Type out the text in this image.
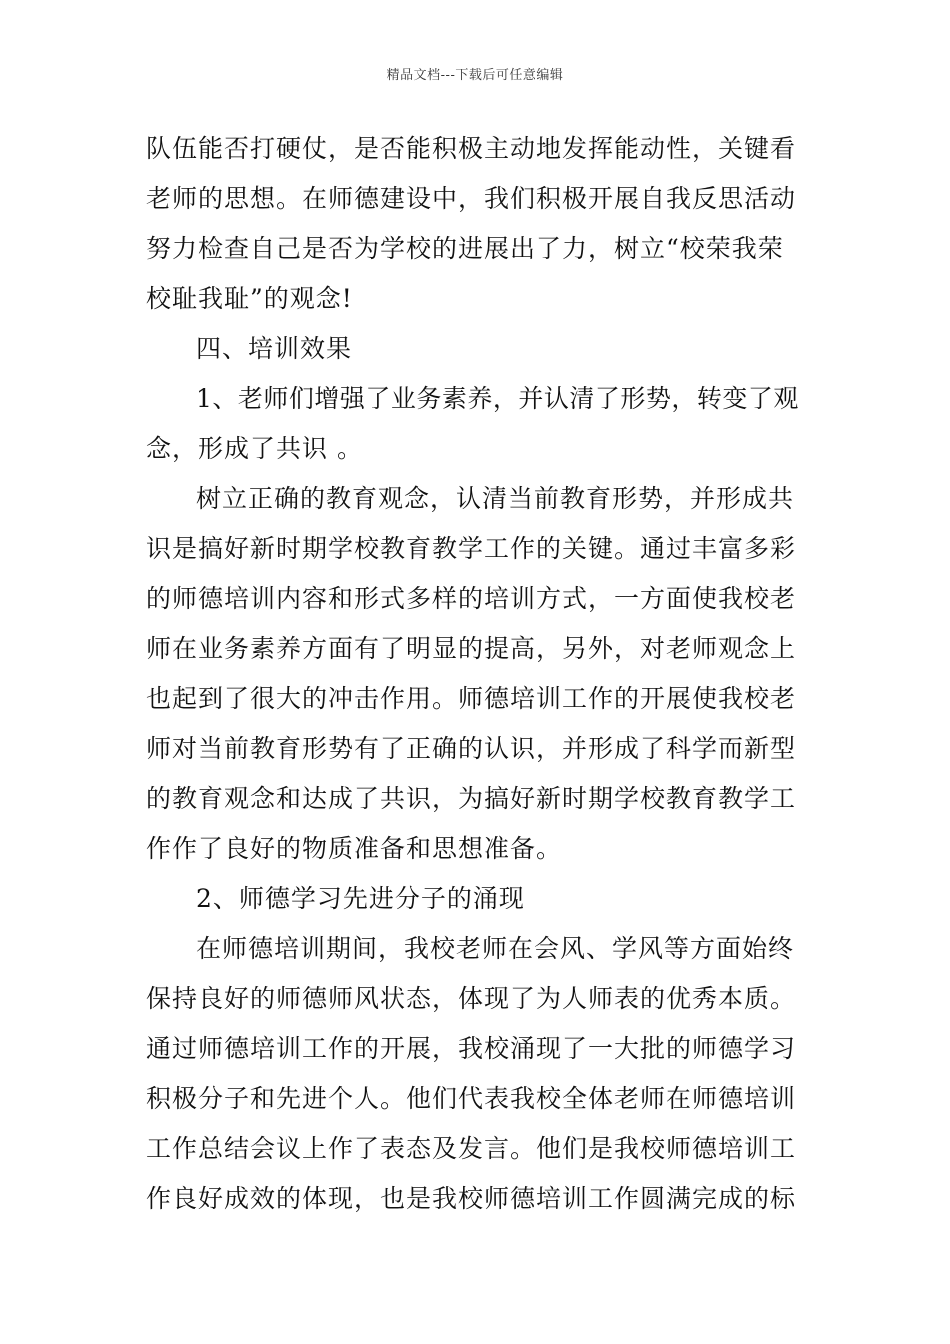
精品文档---下载后可任意编辑
队伍能否打硬仗，是否能积极主动地发挥能动性，关键看
老师的思想。在师德建设中，我们积极开展自我反思活动
努力检查自己是否为学校的进展出了力，树立“校荣我荣
校耻我耻”的观念!
四、培训效果
1、老师们增强了业务素养，并认清了形势，转变了观
念，形成了共识 。
树立正确的教育观念，认清当前教育形势，并形成共
识是搞好新时期学校教育教学工作的关键。通过丰富多彩
的师德培训内容和形式多样的培训方式，一方面使我校老
师在业务素养方面有了明显的提高，另外，对老师观念上
也起到了很大的冲击作用。师德培训工作的开展使我校老
师对当前教育形势有了正确的认识，并形成了科学而新型
的教育观念和达成了共识，为搞好新时期学校教育教学工
作作了良好的物质准备和思想准备。
2、师德学习先进分子的涌现
在师德培训期间，我校老师在会风、学风等方面始终
保持良好的师德师风状态，体现了为人师表的优秀本质。
通过师德培训工作的开展，我校涌现了一大批的师德学习
积极分子和先进个人。他们代表我校全体老师在师德培训
工作总结会议上作了表态及发言。他们是我校师德培训工
作良好成效的体现，也是我校师德培训工作圆满完成的标
